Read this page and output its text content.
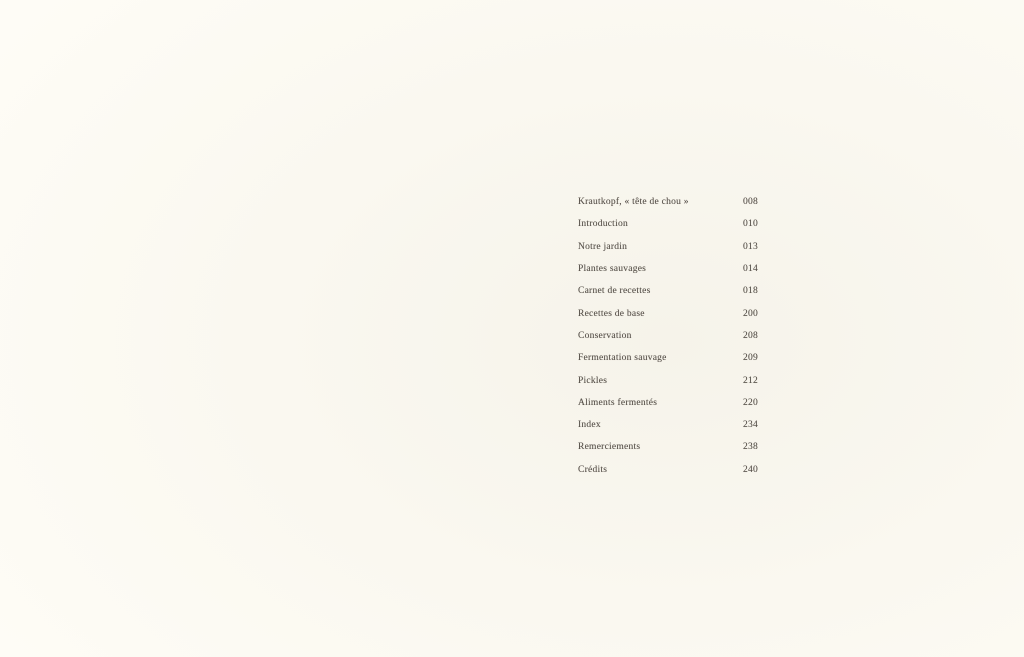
Krautkopf, « tête de chou »	008
Introduction	010
Notre jardin	013
Plantes sauvages	014
Carnet de recettes	018
Recettes de base	200
Conservation	208
Fermentation sauvage	209
Pickles	212
Aliments fermentés	220
Index	234
Remerciements	238
Crédits	240
